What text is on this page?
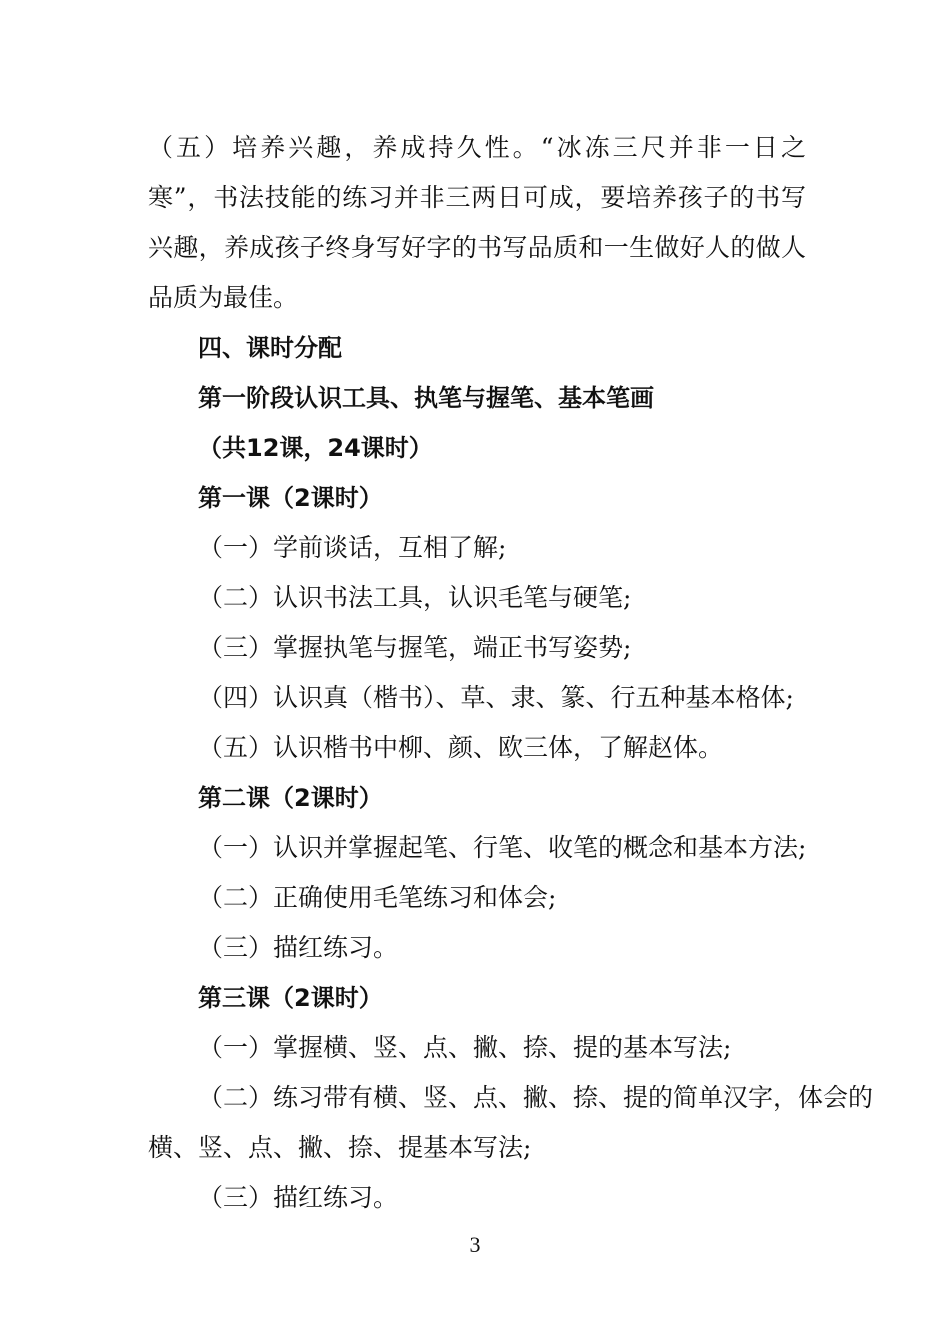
（五）培养兴趣，养成持久性。“冰冻三尺并非一日之
寒”，书法技能的练习并非三两日可成，要培养孩子的书写
兴趣，养成孩子终身写好字的书写品质和一生做好人的做人
品质为最佳。
四、课时分配
第一阶段认识工具、执笔与握笔、基本笔画
（共12课，24课时）
第一课（2课时）
（一）学前谈话，互相了解;
（二）认识书法工具，认识毛笔与硬笔;
（三）掌握执笔与握笔，端正书写姿势;
（四）认识真（楷书）、草、隶、篆、行五种基本格体;
（五）认识楷书中柳、颜、欧三体，了解赵体。
第二课（2课时）
（一）认识并掌握起笔、行笔、收笔的概念和基本方法;
（二）正确使用毛笔练习和体会;
（三）描红练习。
第三课（2课时）
（一）掌握横、竖、点、撇、捺、提的基本写法;
（二）练习带有横、竖、点、撇、捺、提的简单汉字，体会的
横、竖、点、撇、捺、提基本写法;
（三）描红练习。
3
